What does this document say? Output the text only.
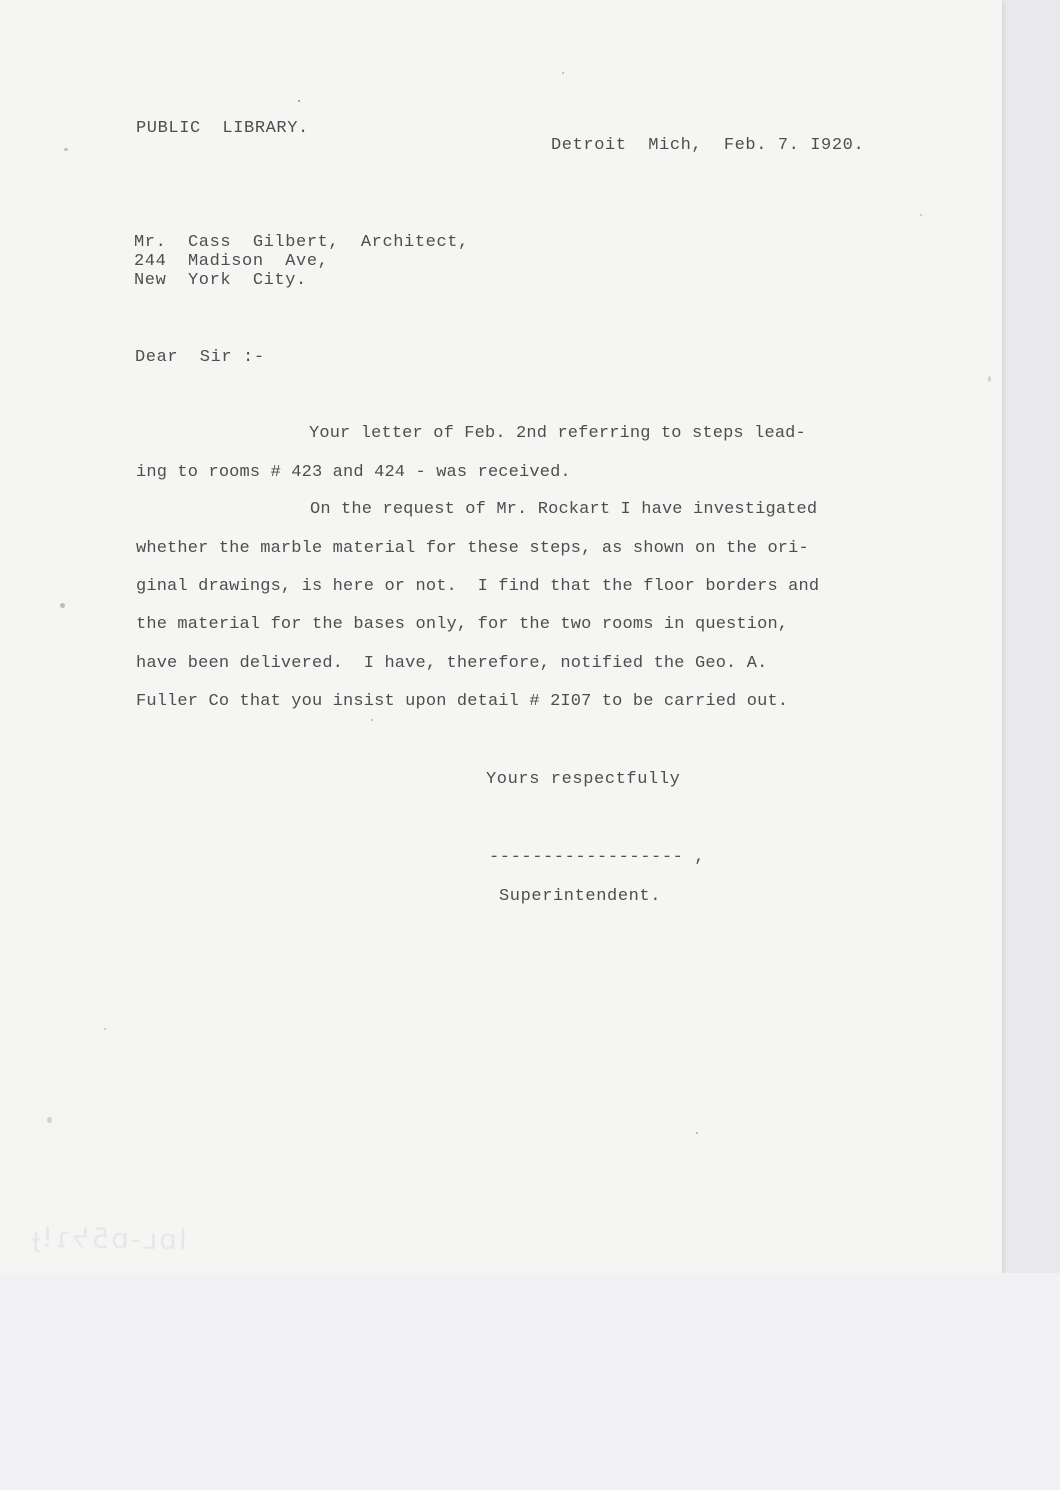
PUBLIC  LIBRARY.
Detroit  Mich,  Feb. 7. I920.
Mr.  Cass  Gilbert,  Architect,
244  Madison  Ave,
New  York  City.
Dear  Sir :-
Your letter of Feb. 2nd referring to steps lead-
ing to rooms # 423 and 424 - was received.
On the request of Mr. Rockart I have investigated
whether the marble material for these steps, as shown on the ori-
ginal drawings, is here or not.  I find that the floor borders and
the material for the bases only, for the two rooms in question,
have been delivered.  I have, therefore, notified the Geo. A.
Fuller Co that you insist upon detail # 2I07 to be carried out.
Yours respectfully
------------------ ,
Superintendent.
lɒʟ-ɒ5ᔭɿ!ɟ
